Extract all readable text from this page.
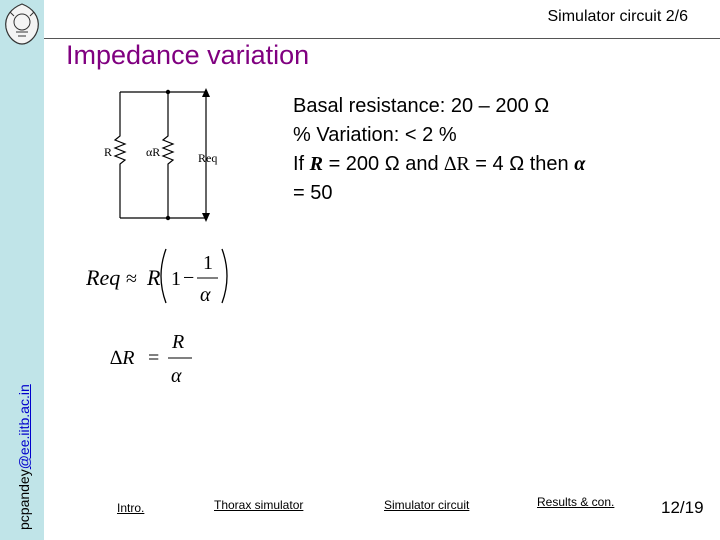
pcpandey@ee.iitb.ac.in
Simulator circuit 2/6
Impedance variation
R	αR	Req
Basal resistance: 20 – 200 Ω
% Variation: < 2 %
If R = 200 Ω and ∆R = 4 Ω then α
= 50
Req ≈ R 1 −
1
α
∆R =
R
α
Intro.	Thorax simulator	Simulator circuit	Results & con.	12/19
